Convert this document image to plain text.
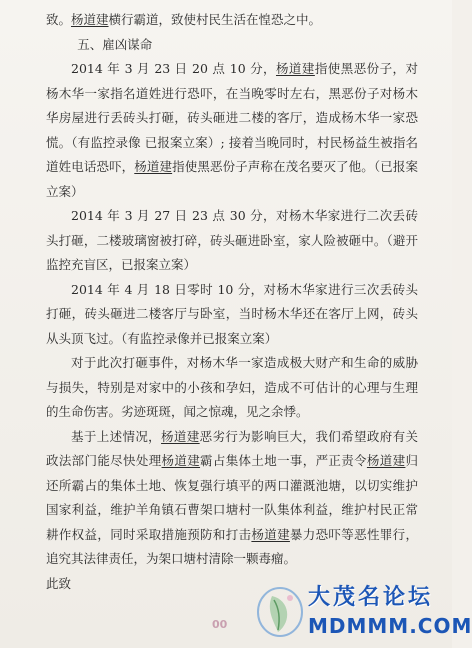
致。杨道建横行霸道，致使村民生活在惶恐之中。

五、雇凶谋命

2014 年 3 月 23 日 20 点 10 分，杨道建指使黑恶份子，对杨木华一家指名道姓进行恐吓，在当晚零时左右，黑恶份子对杨木华房屋进行丢砖头打砸，砖头砸进二楼的客厅，造成杨木华一家恐慌。（有监控录像 已报案立案）; 接着当晚同时，村民杨益生被指名道姓电话恐吓，杨道建指使黑恶份子声称在茂名要灭了他。（已报案立案）

2014 年 3 月 27 日 23 点 30 分，对杨木华家进行二次丢砖头打砸，二楼玻璃窗被打碎，砖头砸进卧室，家人险被砸中。（避开监控充盲区，已报案立案）

2014 年 4 月 18 日零时 10 分，对杨木华家进行三次丢砖头打砸，砖头砸进二楼客厅与卧室，当时杨木华还在客厅上网，砖头从头顶飞过。（有监控录像并已报案立案）

对于此次打砸事件，对杨木华一家造成极大财产和生命的威胁与损失，特别是对家中的小孩和孕妇，造成不可估计的心理与生理的生命伤害。劣迹斑斑，闻之惊魂，见之余悸。

基于上述情况，杨道建恶劣行为影响巨大，我们希望政府有关政法部门能尽快处理杨道建霸占集体土地一事，严正责令杨道建归还所霸占的集体土地、恢复强行填平的两口灌溉池塘，以切实维护国家利益，维护羊角镇石曹架口塘村一队集体利益，维护村民正常耕作权益，同时采取措施预防和打击杨道建暴力恐吓等恶性罪行，追究其法律责任，为架口塘村清除一颗毒瘤。

此致

00
大茂名论坛
MDMMM.COM
